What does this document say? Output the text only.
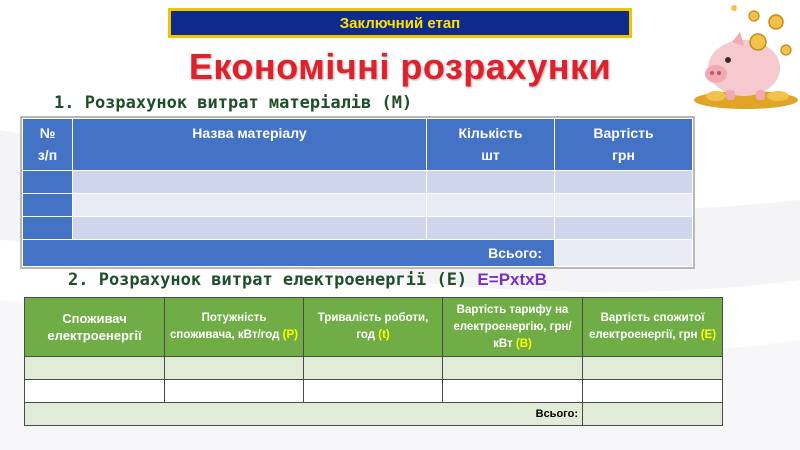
Заключний етап
Економічні розрахунки
1. Розрахунок витрат матеріалів (М)
№ з/п	Назва матеріалу	Кількість шт	Вартість грн

Всього:			
2. Розрахунок витрат електроенергії (Е) E=PxtxB
Споживач електроенергії	Потужність споживача, кВт/год (Р)	Тривалість роботи, год (t)	Вартість тарифу на електроенергію, грн/кВт (В)	Вартість спожитої електроенергії, грн (Е)

Всього:				
